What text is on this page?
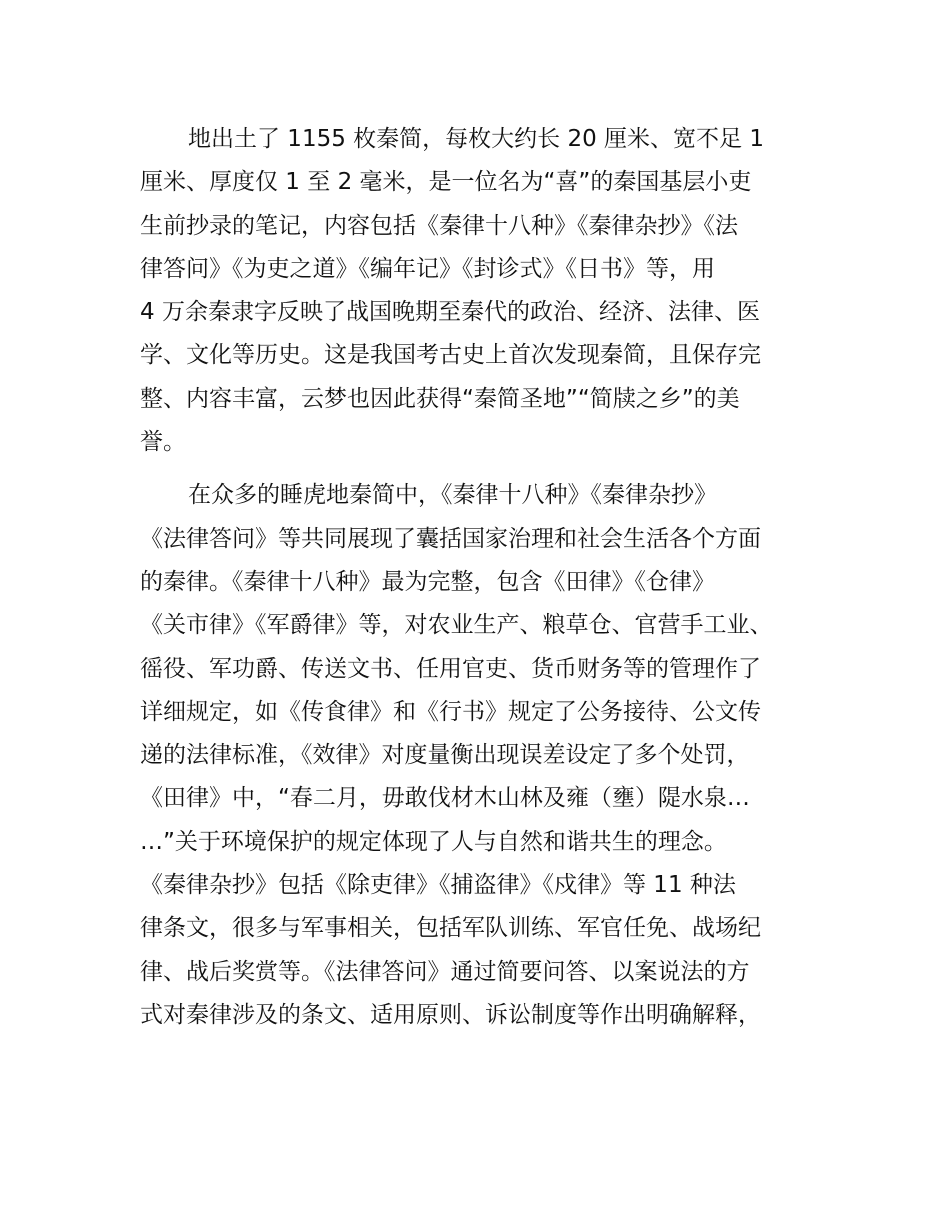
地出土了 1155 枚秦简，每枚大约长 20 厘米、宽不足 1
厘米、厚度仅 1 至 2 毫米，是一位名为“喜”的秦国基层小吏
生前抄录的笔记，内容包括《秦律十八种》《秦律杂抄》《法
律答问》《为吏之道》《编年记》《封诊式》《日书》等，用
4 万余秦隶字反映了战国晚期至秦代的政治、经济、法律、医
学、文化等历史。这是我国考古史上首次发现秦简，且保存完
整、内容丰富，云梦也因此获得“秦简圣地”“简牍之乡”的美
誉。
在众多的睡虎地秦简中，《秦律十八种》《秦律杂抄》
《法律答问》等共同展现了囊括国家治理和社会生活各个方面
的秦律。《秦律十八种》最为完整，包含《田律》《仓律》
《关市律》《军爵律》等，对农业生产、粮草仓、官营手工业、
徭役、军功爵、传送文书、任用官吏、货币财务等的管理作了
详细规定，如《传食律》和《行书》规定了公务接待、公文传
递的法律标准，《效律》对度量衡出现误差设定了多个处罚，
《田律》中，“春二月，毋敢伐材木山林及雍（壅）隄水泉…
…”关于环境保护的规定体现了人与自然和谐共生的理念。
《秦律杂抄》包括《除吏律》《捕盗律》《戍律》等 11 种法
律条文，很多与军事相关，包括军队训练、军官任免、战场纪
律、战后奖赏等。《法律答问》通过简要问答、以案说法的方
式对秦律涉及的条文、适用原则、诉讼制度等作出明确解释，
